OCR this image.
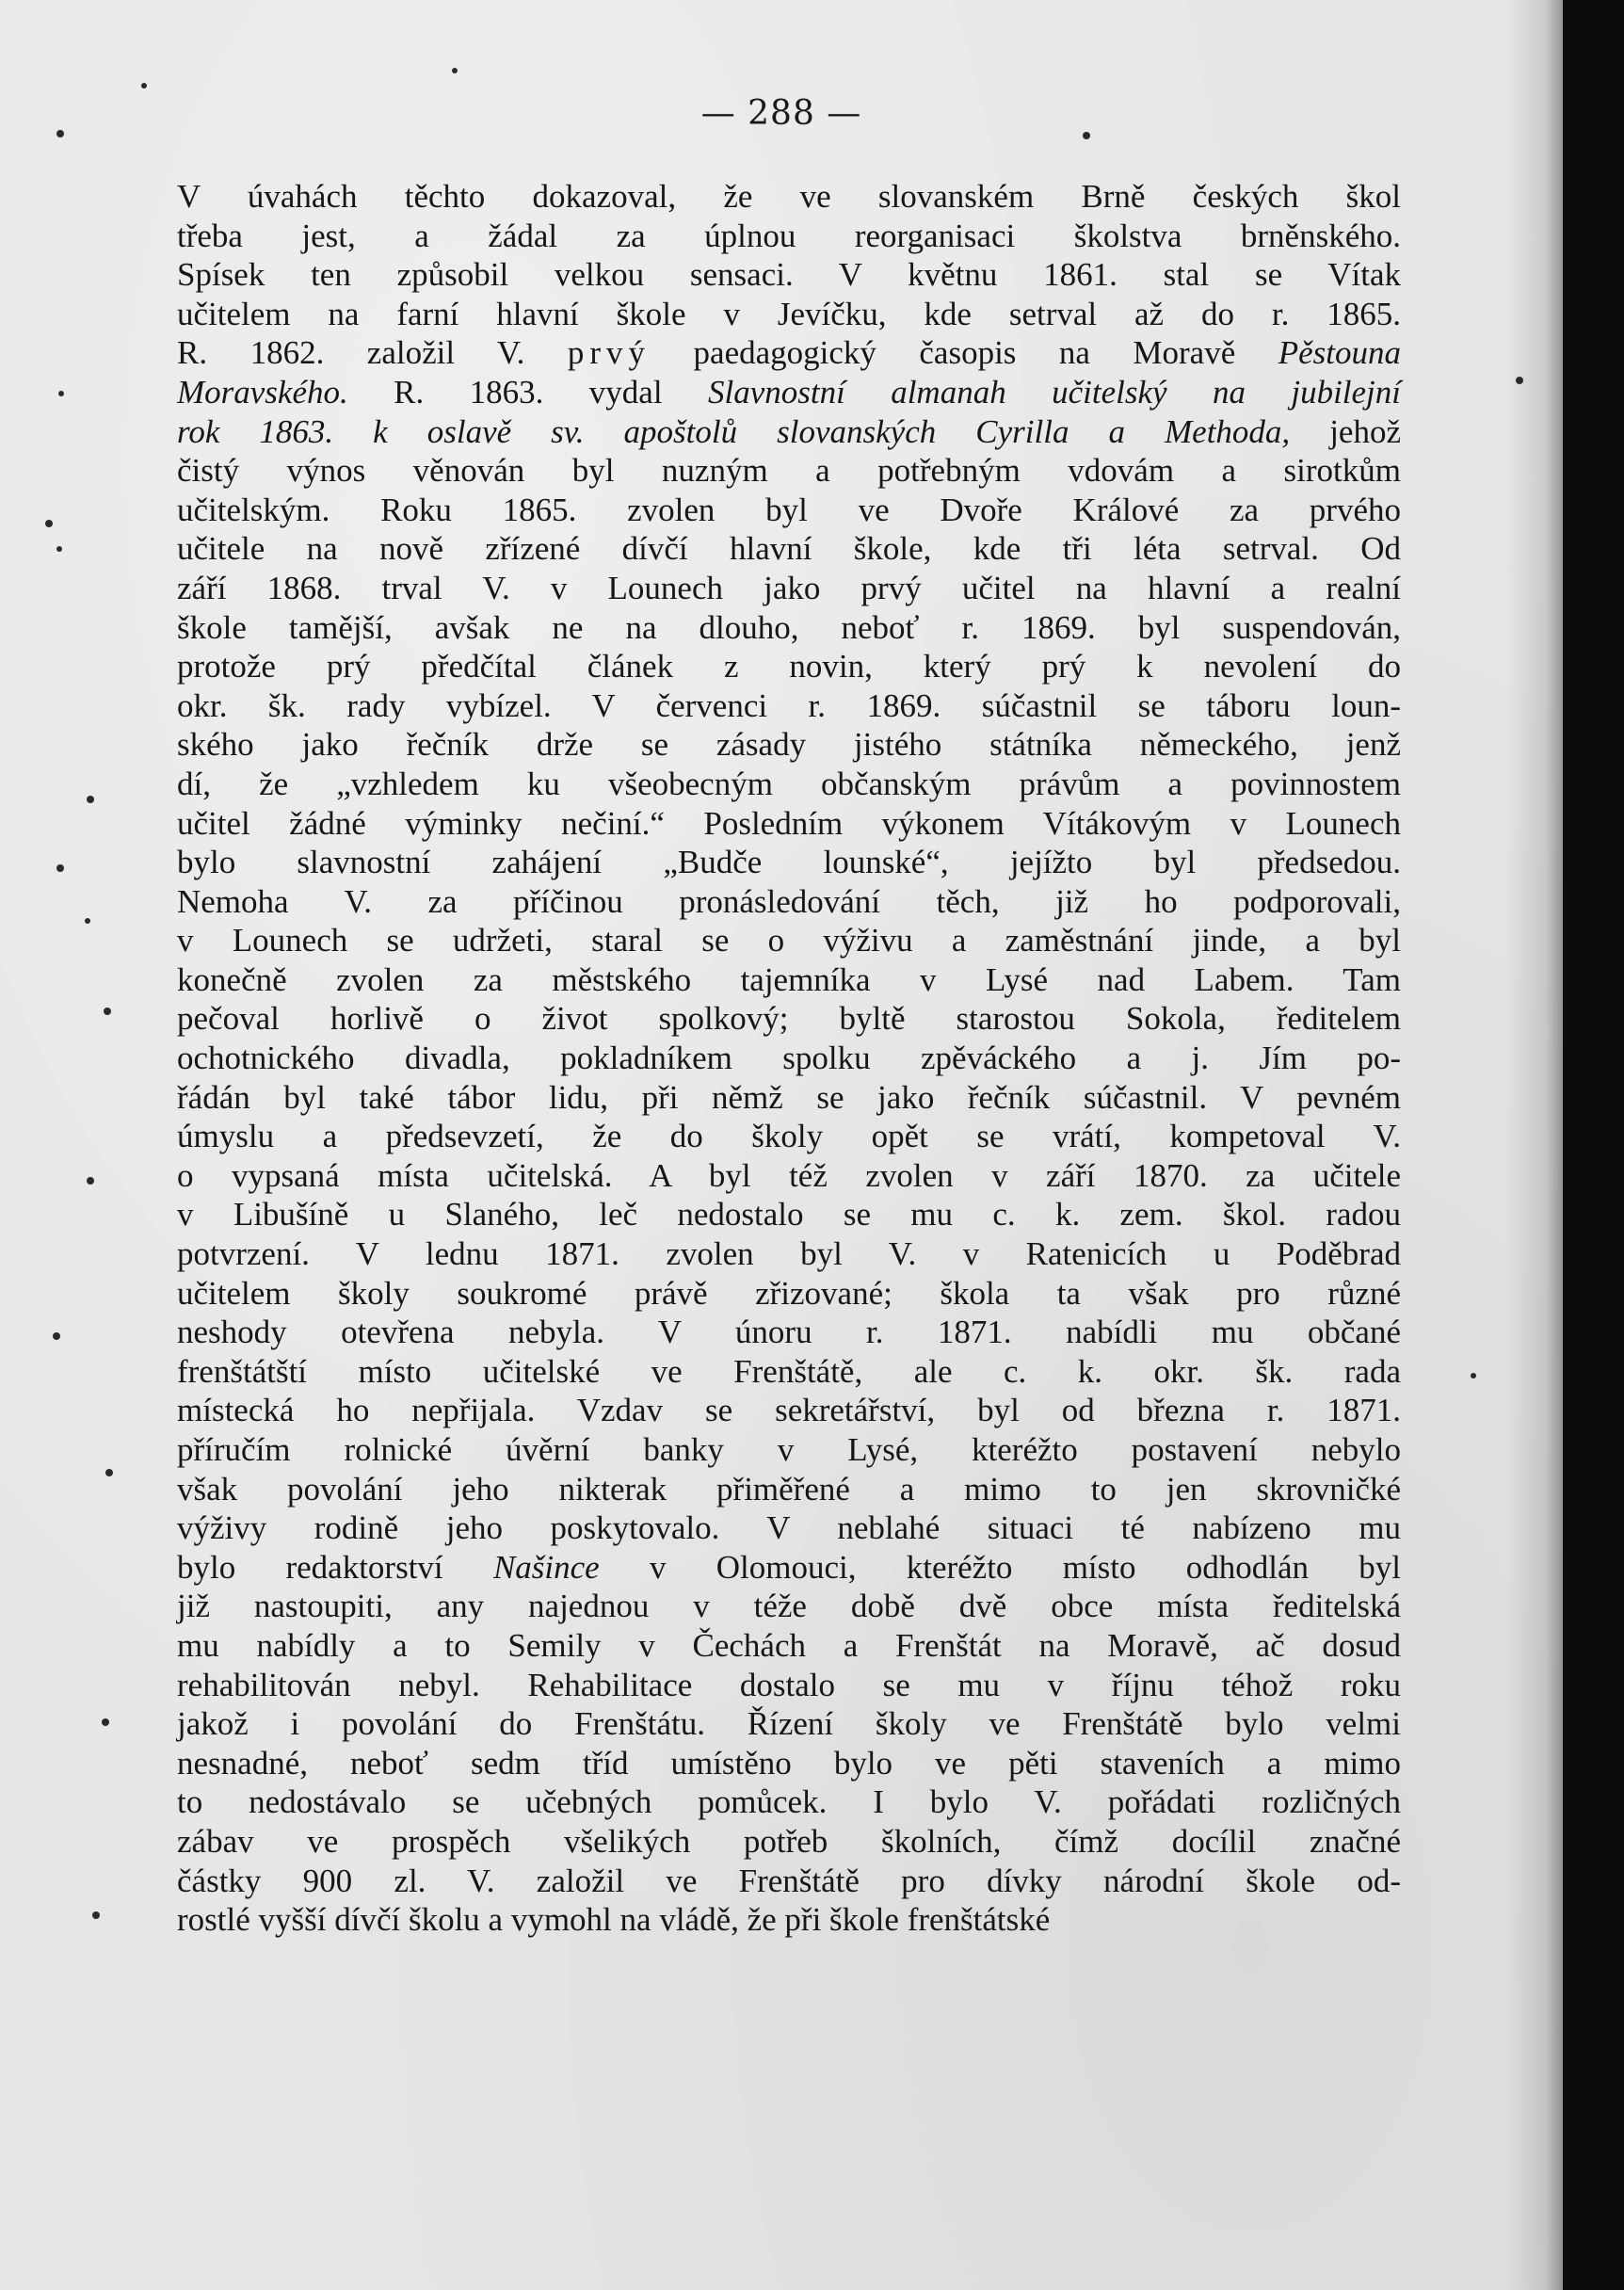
— 288 —
V úvahách těchto dokazoval, že ve slovanském Brně českých škol
třeba jest, a žádal za úplnou reorganisaci školstva brněnského.
Spísek ten způsobil velkou sensaci. V květnu 1861. stal se Vítak
učitelem na farní hlavní škole v Jevíčku, kde setrval až do r. 1865.
R. 1862. založil V. prvý paedagogický časopis na Moravě Pěstouna
Moravského. R. 1863. vydal Slavnostní almanah učitelský na jubilejní
rok 1863. k oslavě sv. apoštolů slovanských Cyrilla a Methoda, jehož
čistý výnos věnován byl nuzným a potřebným vdovám a sirotkům
učitelským. Roku 1865. zvolen byl ve Dvoře Králové za prvého
učitele na nově zřízené dívčí hlavní škole, kde tři léta setrval. Od
září 1868. trval V. v Lounech jako prvý učitel na hlavní a realní
škole tamější, avšak ne na dlouho, neboť r. 1869. byl suspendován,
protože prý předčítal článek z novin, který prý k nevolení do
okr. šk. rady vybízel. V červenci r. 1869. súčastnil se táboru loun-
ského jako řečník drže se zásady jistého státníka německého, jenž
dí, že „vzhledem ku všeobecným občanským právům a povinnostem
učitel žádné výminky nečiní.“ Posledním výkonem Vítákovým v Lounech
bylo slavnostní zahájení „Budče lounské“, jejížto byl předsedou.
Nemoha V. za příčinou pronásledování těch, již ho podporovali,
v Lounech se udržeti, staral se o výživu a zaměstnání jinde, a byl
konečně zvolen za městského tajemníka v Lysé nad Labem. Tam
pečoval horlivě o život spolkový; byltě starostou Sokola, ředitelem
ochotnického divadla, pokladníkem spolku zpěváckého a j. Jím po-
řádán byl také tábor lidu, při němž se jako řečník súčastnil. V pevném
úmyslu a předsevzetí, že do školy opět se vrátí, kompetoval V.
o vypsaná místa učitelská. A byl též zvolen v září 1870. za učitele
v Libušíně u Slaného, leč nedostalo se mu c. k. zem. škol. radou
potvrzení. V lednu 1871. zvolen byl V. v Ratenicích u Poděbrad
učitelem školy soukromé právě zřizované; škola ta však pro různé
neshody otevřena nebyla. V únoru r. 1871. nabídli mu občané
frenštátští místo učitelské ve Frenštátě, ale c. k. okr. šk. rada
místecká ho nepřijala. Vzdav se sekretářství, byl od března r. 1871.
příručím rolnické úvěrní banky v Lysé, kteréžto postavení nebylo
však povolání jeho nikterak přiměřené a mimo to jen skrovničké
výživy rodině jeho poskytovalo. V neblahé situaci té nabízeno mu
bylo redaktorství Našince v Olomouci, kteréžto místo odhodlán byl
již nastoupiti, any najednou v téže době dvě obce místa ředitelská
mu nabídly a to Semily v Čechách a Frenštát na Moravě, ač dosud
rehabilitován nebyl. Rehabilitace dostalo se mu v říjnu téhož roku
jakož i povolání do Frenštátu. Řízení školy ve Frenštátě bylo velmi
nesnadné, neboť sedm tříd umístěno bylo ve pěti staveních a mimo
to nedostávalo se učebných pomůcek. I bylo V. pořádati rozličných
zábav ve prospěch všelikých potřeb školních, čímž docílil značné
částky 900 zl. V. založil ve Frenštátě pro dívky národní škole od-
rostlé vyšší dívčí školu a vymohl na vládě, že při škole frenštátské
